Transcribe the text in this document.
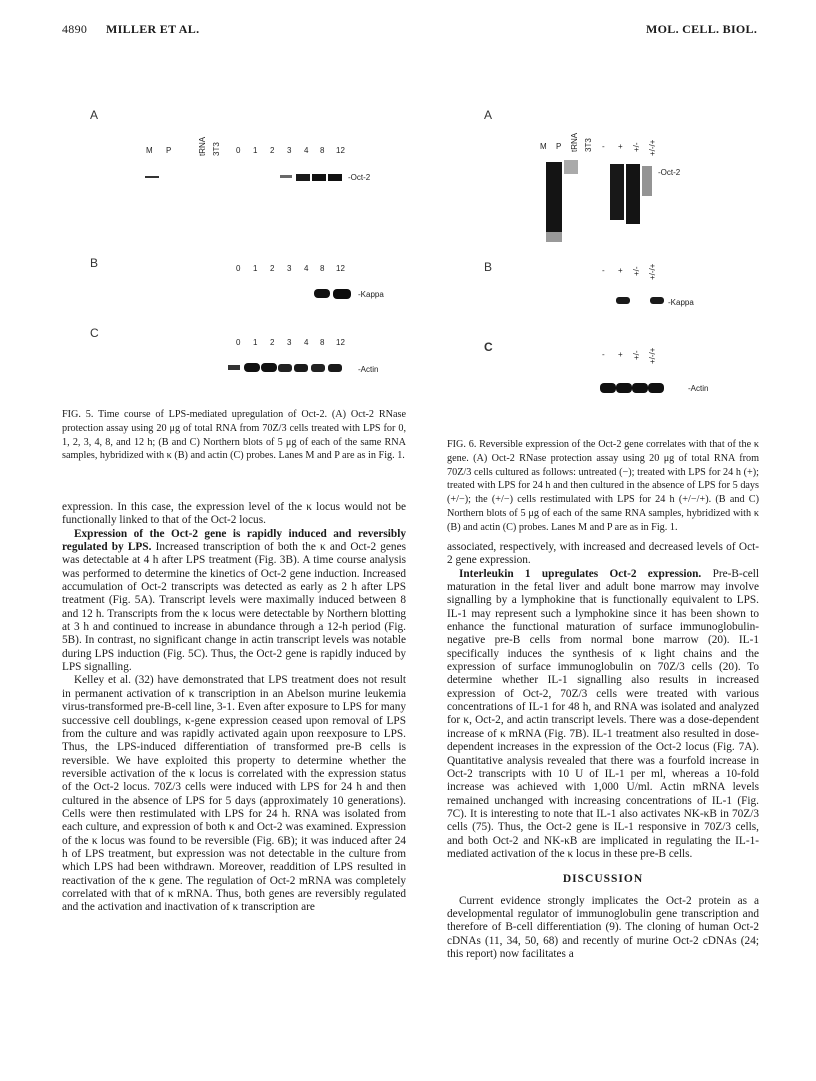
4890 MILLER ET AL.	MOL. CELL. BIOL.
A
M P	tRNA 3T3 0 1 2 3 4 8 12
-Oct-2
B	0 1 2 3 4 8 12
-Kappa
C
0 1 2 3 4 8 12
-Actin
FIG. 5. Time course of LPS-mediated upregulation of Oct-2. (A) Oct-2 RNase protection assay using 20 μg of total RNA from 70Z/3 cells treated with LPS for 0, 1, 2, 3, 4, 8, and 12 h; (B and C) Northern blots of 5 μg of each of the same RNA samples, hybridized with κ (B) and actin (C) probes. Lanes M and P are as in Fig. 1.
A
M P tRNA 3T3 - + +/- +/-/+
-Oct-2
B	- + +/- +/-/+
-Kappa
C
- + +/- +/-/+
-Actin
FIG. 6. Reversible expression of the Oct-2 gene correlates with that of the κ gene. (A) Oct-2 RNase protection assay using 20 μg of total RNA from 70Z/3 cells cultured as follows: untreated (−); treated with LPS for 24 h (+); treated with LPS for 24 h and then cultured in the absence of LPS for 5 days (+/−); the (+/−) cells restimulated with LPS for 24 h (+/−/+). (B and C) Northern blots of 5 μg of each of the same RNA samples, hybridized with κ (B) and actin (C) probes. Lanes M and P are as in Fig. 1.

expression. In this case, the expression level of the κ locus would not be functionally linked to that of the Oct-2 locus.

Expression of the Oct-2 gene is rapidly induced and reversibly regulated by LPS. Increased transcription of both the κ and Oct-2 genes was detectable at 4 h after LPS treatment (Fig. 3B). A time course analysis was performed to determine the kinetics of Oct-2 gene induction. Increased accumulation of Oct-2 transcripts was detected as early as 2 h after LPS treatment (Fig. 5A). Transcript levels were maximally induced between 8 and 12 h. Transcripts from the κ locus were detectable by Northern blotting at 3 h and continued to increase in abundance through a 12-h period (Fig. 5B). In contrast, no significant change in actin transcript levels was notable during LPS induction (Fig. 5C). Thus, the Oct-2 gene is rapidly induced by LPS signalling.

Kelley et al. (32) have demonstrated that LPS treatment does not result in permanent activation of κ transcription in an Abelson murine leukemia virus-transformed pre-B-cell line, 3-1. Even after exposure to LPS for many successive cell doublings, κ-gene expression ceased upon removal of LPS from the culture and was rapidly activated again upon reexposure to LPS. Thus, the LPS-induced differentiation of transformed pre-B cells is reversible. We have exploited this property to determine whether the reversible activation of the κ locus is correlated with the expression status of the Oct-2 locus. 70Z/3 cells were induced with LPS for 24 h and then cultured in the absence of LPS for 5 days (approximately 10 generations). Cells were then restimulated with LPS for 24 h. RNA was isolated from each culture, and expression of both κ and Oct-2 was examined. Expression of the κ locus was found to be reversible (Fig. 6B); it was induced after 24 h of LPS treatment, but expression was not detectable in the culture from which LPS had been withdrawn. Moreover, readdition of LPS resulted in reactivation of the κ gene. The regulation of Oct-2 mRNA was completely correlated with that of κ mRNA. Thus, both genes are reversibly regulated and the activation and inactivation of κ transcription are

associated, respectively, with increased and decreased levels of Oct-2 gene expression.

Interleukin 1 upregulates Oct-2 expression. Pre-B-cell maturation in the fetal liver and adult bone marrow may involve signalling by a lymphokine that is functionally equivalent to LPS. IL-1 may represent such a lymphokine since it has been shown to enhance the functional maturation of surface immunoglobulin-negative pre-B cells from normal bone marrow (20). IL-1 specifically induces the synthesis of κ light chains and the expression of surface immunoglobulin on 70Z/3 cells (20). To determine whether IL-1 signalling also results in increased expression of Oct-2, 70Z/3 cells were treated with various concentrations of IL-1 for 48 h, and RNA was isolated and analyzed for κ, Oct-2, and actin transcript levels. There was a dose-dependent increase of κ mRNA (Fig. 7B). IL-1 treatment also resulted in dose-dependent increases in the expression of the Oct-2 locus (Fig. 7A). Quantitative analysis revealed that there was a fourfold increase in Oct-2 transcripts with 10 U of IL-1 per ml, whereas a 10-fold increase was achieved with 1,000 U/ml. Actin mRNA levels remained unchanged with increasing concentrations of IL-1 (Fig. 7C). It is interesting to note that IL-1 also activates NK-κB in 70Z/3 cells (75). Thus, the Oct-2 gene is IL-1 responsive in 70Z/3 cells, and both Oct-2 and NK-κB are implicated in regulating the IL-1-mediated activation of the κ locus in these pre-B cells.

DISCUSSION

Current evidence strongly implicates the Oct-2 protein as a developmental regulator of immunoglobulin gene transcription and therefore of B-cell differentiation (9). The cloning of human Oct-2 cDNAs (11, 34, 50, 68) and recently of murine Oct-2 cDNAs (24; this report) now facilitates a
